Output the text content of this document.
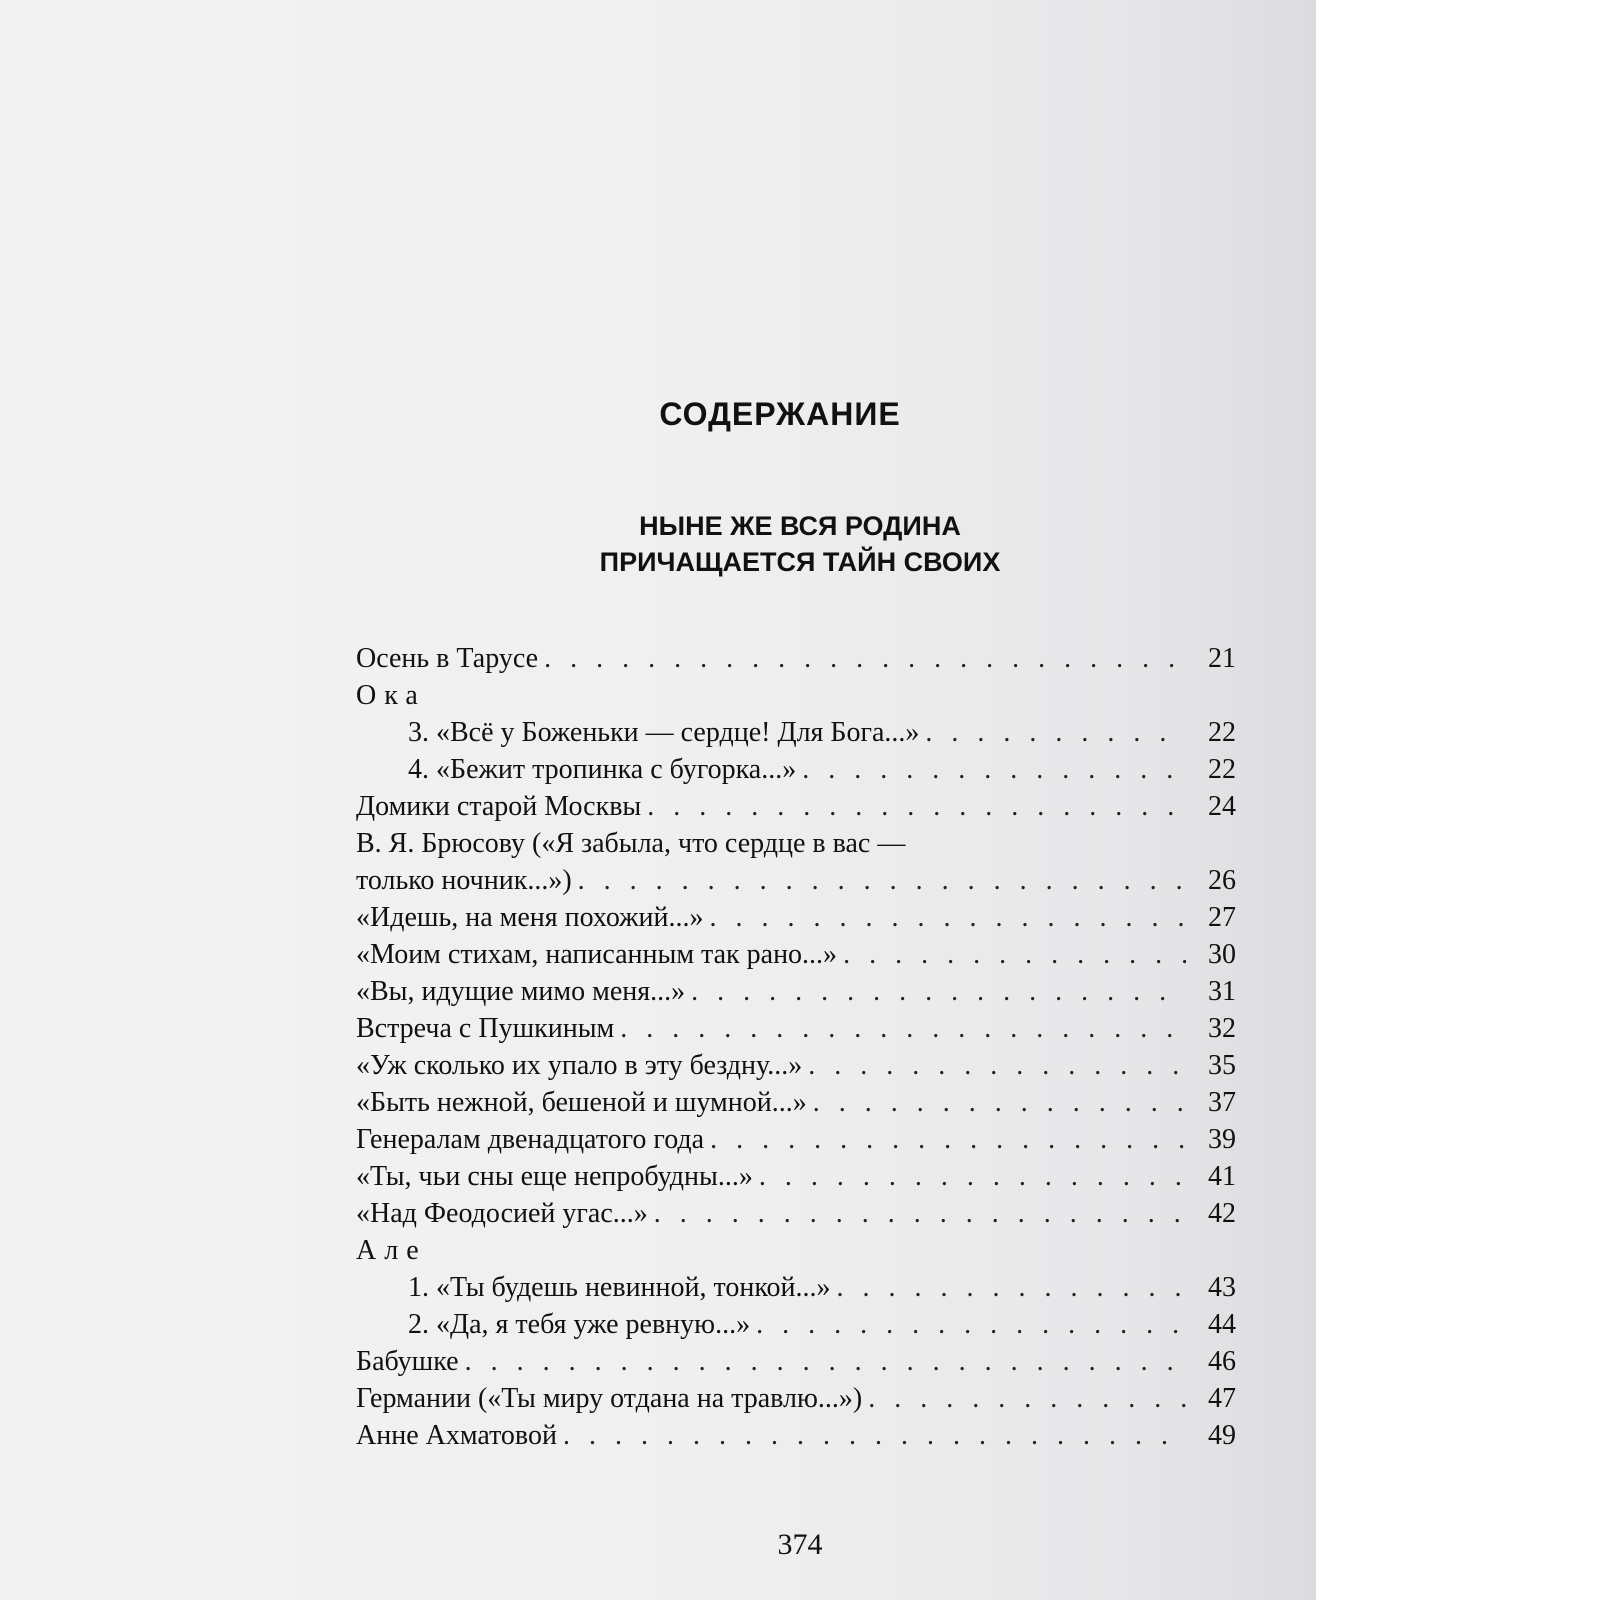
СОДЕРЖАНИЕ
НЫНЕ ЖЕ ВСЯ РОДИНА
ПРИЧАЩАЕТСЯ ТАЙН СВОИХ
Осень в Тарусе . . .	21
Ока
3. «Всё у Боженьки — сердце! Для Бога...» . . .	22
4. «Бежит тропинка с бугорка...» . . .	22
Домики старой Москвы . . .	24
В. Я. Брюсову («Я забыла, что сердце в вас —
только ночник...») . . .	26
«Идешь, на меня похожий...» . . .	27
«Моим стихам, написанным так рано...» . . .	30
«Вы, идущие мимо меня...» . . .	31
Встреча с Пушкиным . . .	32
«Уж сколько их упало в эту бездну...» . . .	35
«Быть нежной, бешеной и шумной...» . . .	37
Генералам двенадцатого года . . .	39
«Ты, чьи сны еще непробудны...» . . .	41
«Над Феодосией угас...» . . .	42
Але
1. «Ты будешь невинной, тонкой...» . . .	43
2. «Да, я тебя уже ревную...» . . .	44
Бабушке . . .	46
Германии («Ты миру отдана на травлю...») . . .	47
Анне Ахматовой . . .	49
374
